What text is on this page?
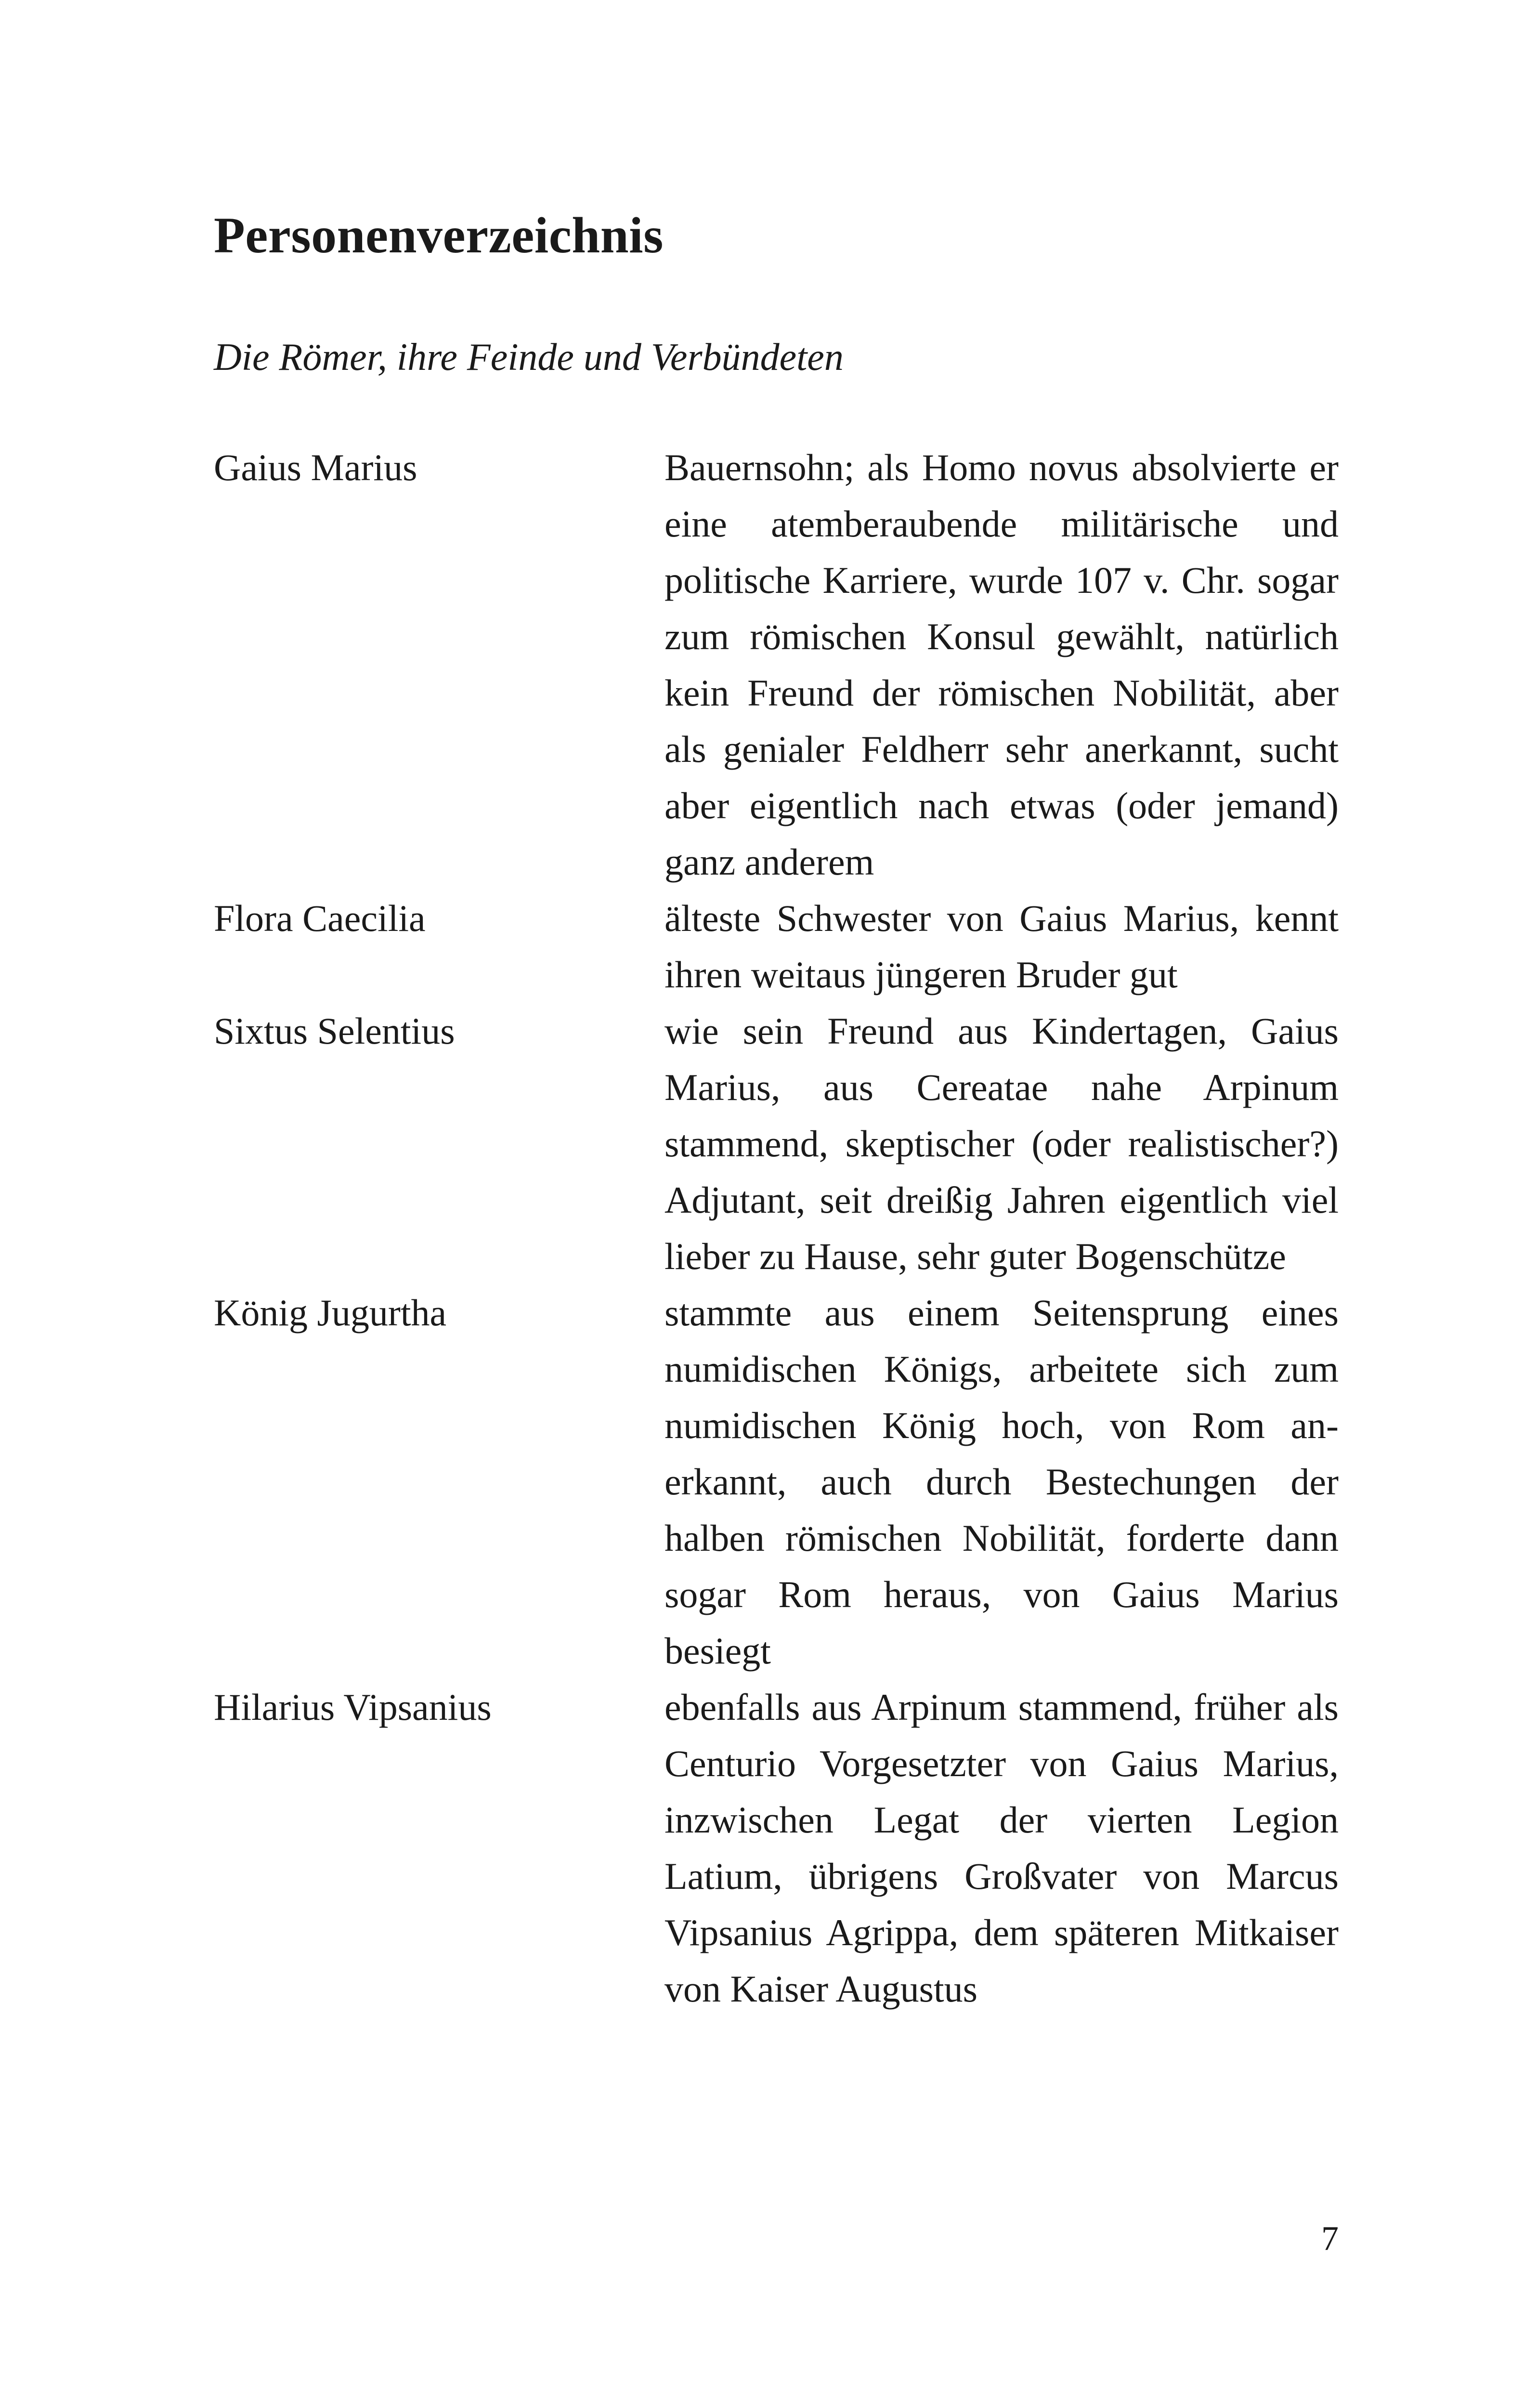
Personenverzeichnis

Die Römer, ihre Feinde und Verbündeten

Gaius Marius	Bauernsohn; als Homo novus absolvierte er eine atemberaubende militärische und politische Karriere, wurde 107 v. Chr. sogar zum römischen Konsul gewählt, natürlich kein Freund der römischen Nobilität, aber als genialer Feldherr sehr anerkannt, sucht aber eigentlich nach etwas (oder jemand) ganz anderem
Flora Caecilia	älteste Schwester von Gaius Marius, kennt ihren weitaus jüngeren Bruder gut
Sixtus Selentius	wie sein Freund aus Kindertagen, Gaius Marius, aus Cereatae nahe Arpinum stammend, skeptischer (oder realistischer?) Adjutant, seit dreißig Jahren eigentlich viel lieber zu Hause, sehr guter Bogenschütze
König Jugurtha	stammte aus einem Seitensprung eines numidischen Königs, arbeitete sich zum numidischen König hoch, von Rom anerkannt, auch durch Bestechungen der halben römischen Nobilität, forderte dann sogar Rom heraus, von Gaius Marius besiegt
Hilarius Vipsanius	ebenfalls aus Arpinum stammend, früher als Centurio Vorgesetzter von Gaius Marius, inzwischen Legat der vierten Legion Latium, übrigens Großvater von Marcus Vipsanius Agrippa, dem späteren Mitkaiser von Kaiser Augustus
7
